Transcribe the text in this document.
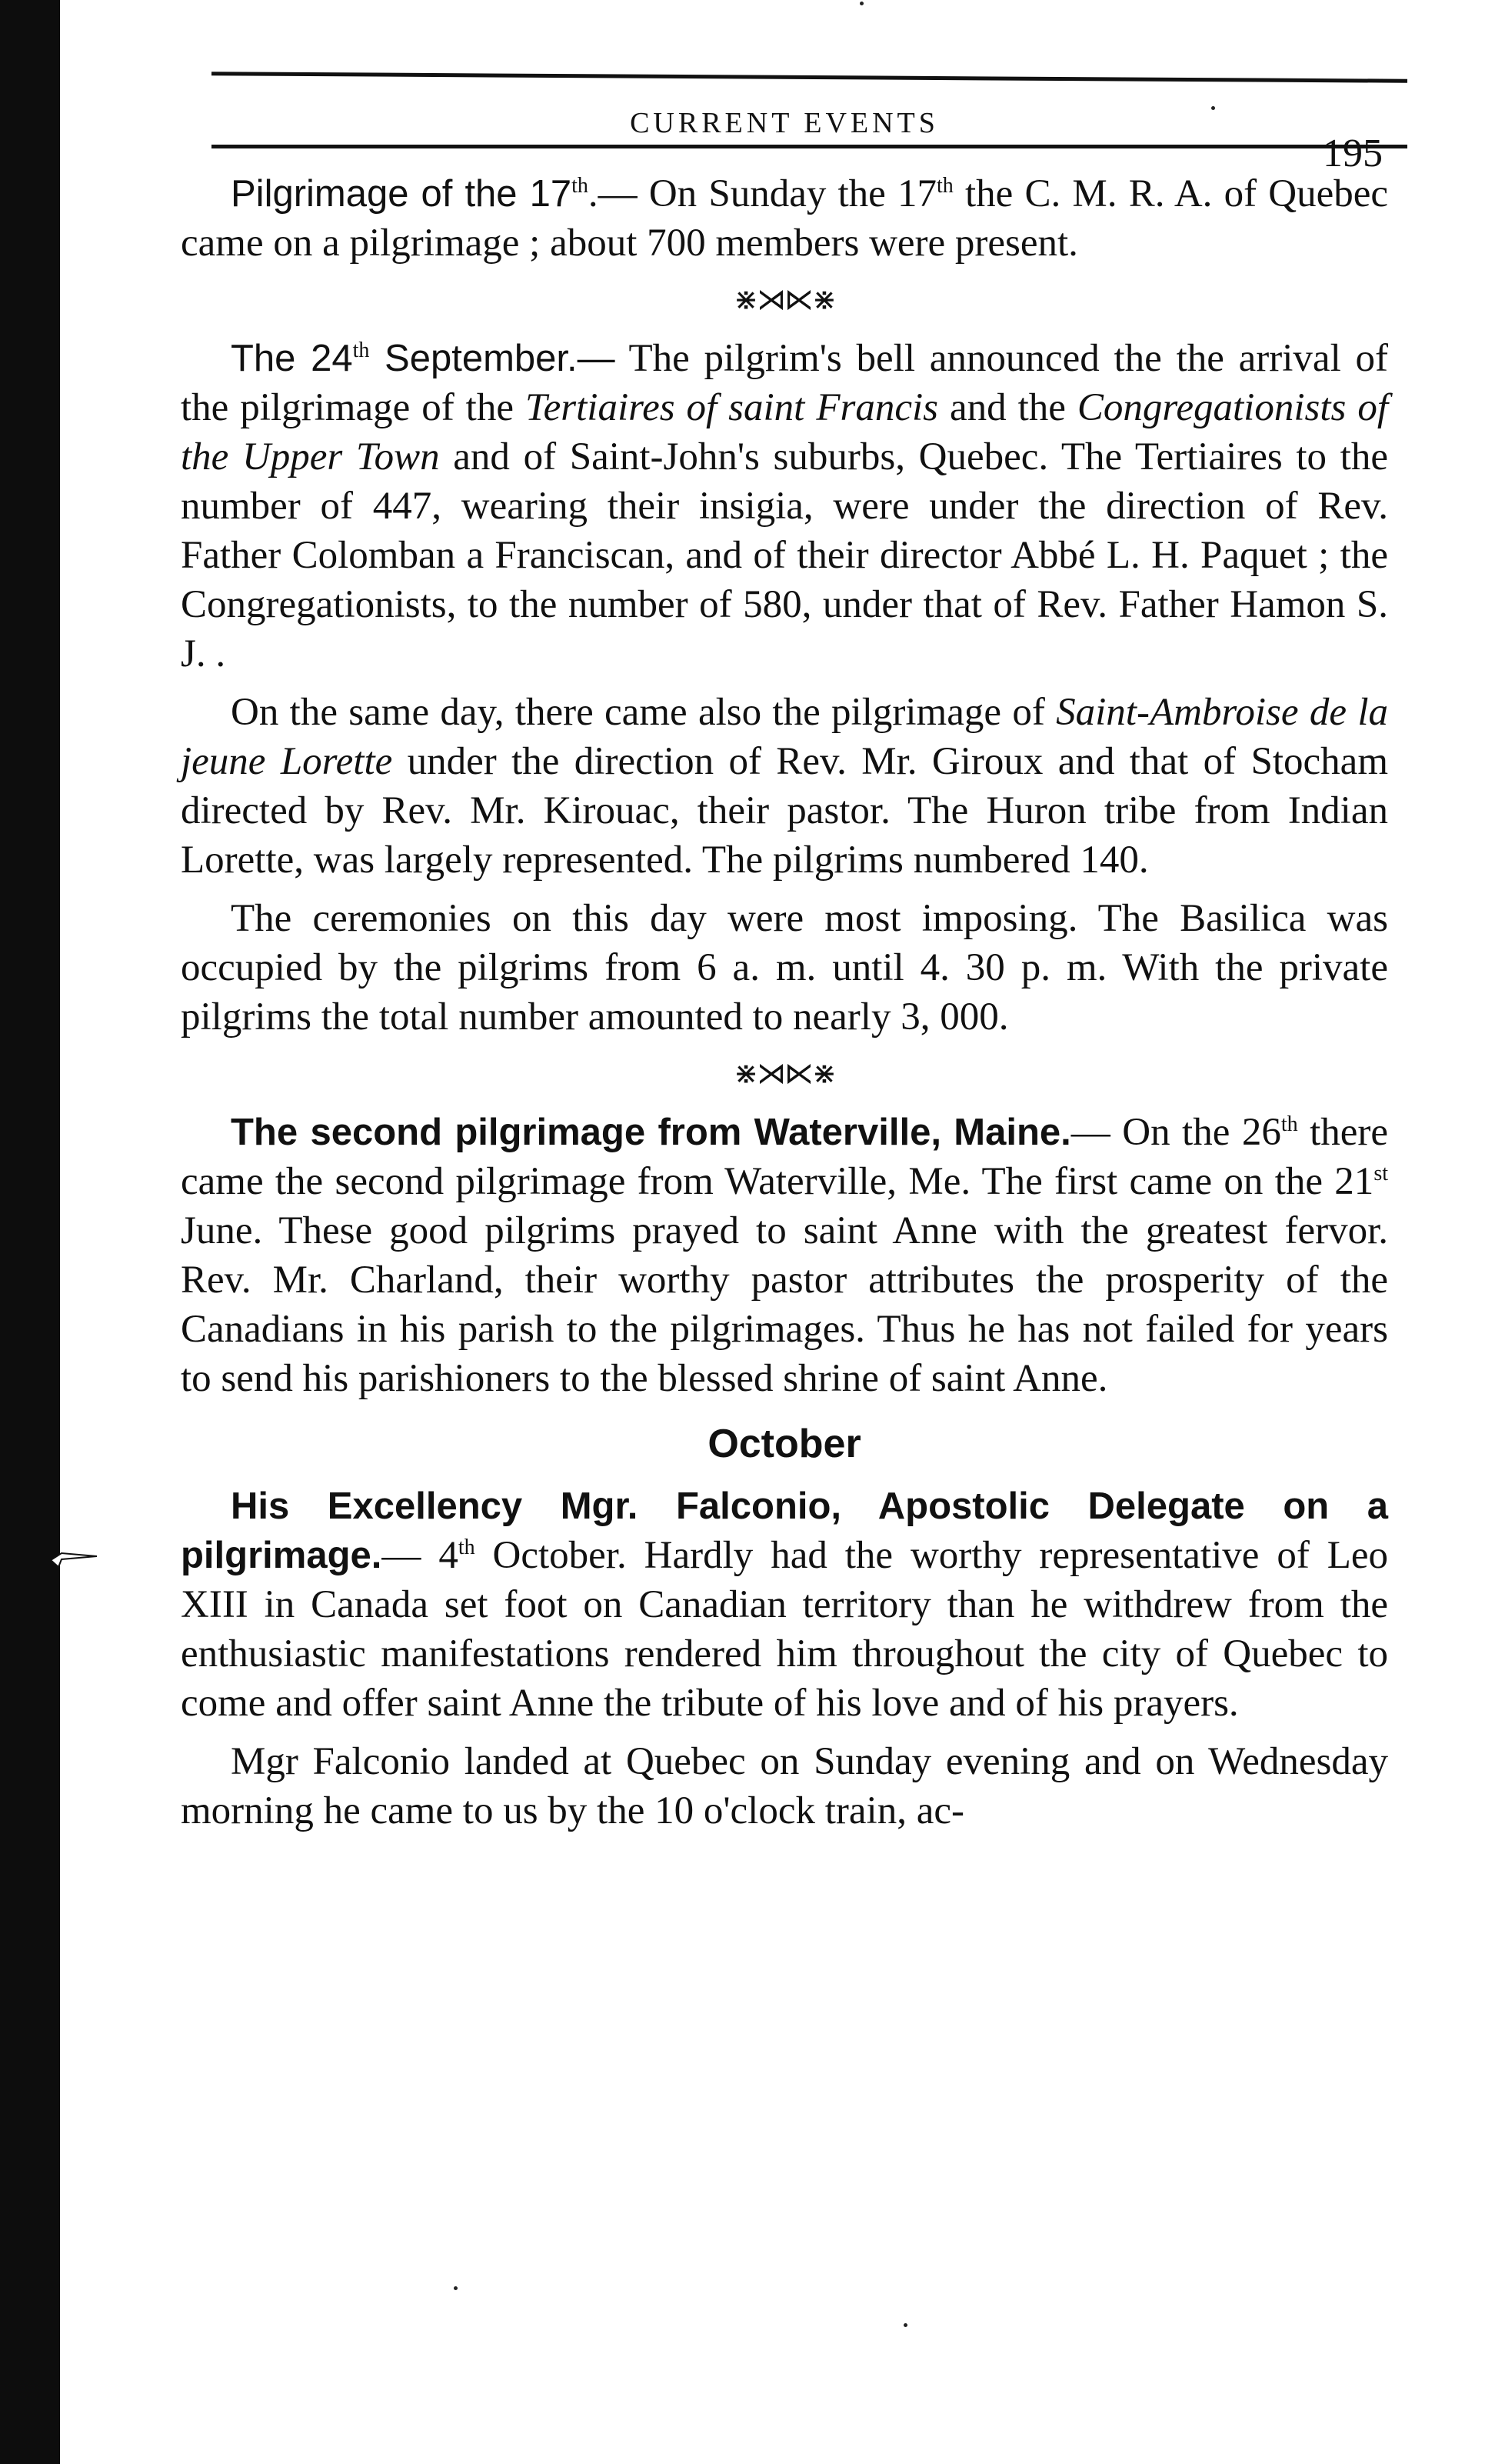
CURRENT EVENTS
195

Pilgrimage of the 17th.— On Sunday the 17th the C. M. R. A. of Quebec came on a pilgrimage ; about 700 members were present.

⋇⋊⋉⋇

The 24th September.— The pilgrim's bell announced the the arrival of the pilgrimage of the Tertiaires of saint Francis and the Congregationists of the Upper Town and of Saint-John's suburbs, Quebec. The Tertiaires to the number of 447, wearing their insigia, were under the direction of Rev. Father Colomban a Franciscan, and of their director Abbé L. H. Paquet ; the Congregationists, to the number of 580, under that of Rev. Father Hamon S. J. .

On the same day, there came also the pilgrimage of Saint-Ambroise de la jeune Lorette under the direction of Rev. Mr. Giroux and that of Stocham directed by Rev. Mr. Kirouac, their pastor. The Huron tribe from Indian Lorette, was largely represented. The pilgrims numbered 140.

The ceremonies on this day were most imposing. The Basilica was occupied by the pilgrims from 6 a. m. until 4. 30 p. m. With the private pilgrims the total number amounted to nearly 3, 000.

⋇⋊⋉⋇

The second pilgrimage from Waterville, Maine.— On the 26th there came the second pilgrimage from Waterville, Me. The first came on the 21st June. These good pilgrims prayed to saint Anne with the greatest fervor. Rev. Mr. Charland, their worthy pastor attributes the prosperity of the Canadians in his parish to the pilgrimages. Thus he has not failed for years to send his parishioners to the blessed shrine of saint Anne.

October

His Excellency Mgr. Falconio, Apostolic Delegate on a pilgrimage.— 4th October. Hardly had the worthy representative of Leo XIII in Canada set foot on Canadian territory than he withdrew from the enthusiastic manifestations rendered him throughout the city of Quebec to come and offer saint Anne the tribute of his love and of his prayers.

Mgr Falconio landed at Quebec on Sunday evening and on Wednesday morning he came to us by the 10 o'clock train, ac-
